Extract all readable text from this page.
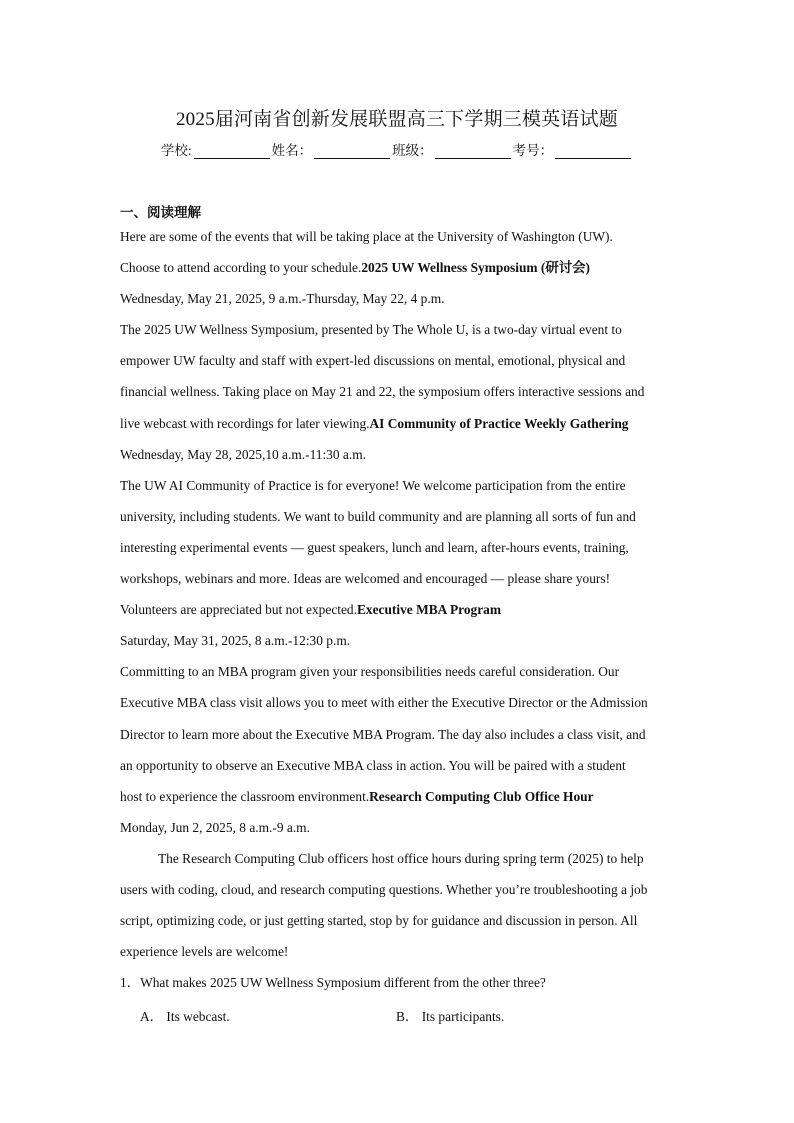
2025届河南省创新发展联盟高三下学期三模英语试题
学校:	姓名：	班级：	考号：
一、阅读理解
Here are some of the events that will be taking place at the University of Washington (UW).
Choose to attend according to your schedule.2025 UW Wellness Symposium (研讨会)
Wednesday, May 21, 2025, 9 a.m.-Thursday, May 22, 4 p.m.
The 2025 UW Wellness Symposium, presented by The Whole U, is a two-day virtual event to
empower UW faculty and staff with expert-led discussions on mental, emotional, physical and
financial wellness. Taking place on May 21 and 22, the symposium offers interactive sessions and
live webcast with recordings for later viewing.AI Community of Practice Weekly Gathering
Wednesday, May 28, 2025,10 a.m.-11:30 a.m.
The UW AI Community of Practice is for everyone! We welcome participation from the entire
university, including students. We want to build community and are planning all sorts of fun and
interesting experimental events — guest speakers, lunch and learn, after-hours events, training,
workshops, webinars and more. Ideas are welcomed and encouraged — please share yours!
Volunteers are appreciated but not expected.Executive MBA Program
Saturday, May 31, 2025, 8 a.m.-12:30 p.m.
Committing to an MBA program given your responsibilities needs careful consideration. Our
Executive MBA class visit allows you to meet with either the Executive Director or the Admission
Director to learn more about the Executive MBA Program. The day also includes a class visit, and
an opportunity to observe an Executive MBA class in action. You will be paired with a student
host to experience the classroom environment.Research Computing Club Office Hour
Monday, Jun 2, 2025, 8 a.m.-9 a.m.
The Research Computing Club officers host office hours during spring term (2025) to help
users with coding, cloud, and research computing questions. Whether you’re troubleshooting a job
script, optimizing code, or just getting started, stop by for guidance and discussion in person. All
experience levels are welcome!
1．What makes 2025 UW Wellness Symposium different from the other three?
A． Its webcast.	B． Its participants.
